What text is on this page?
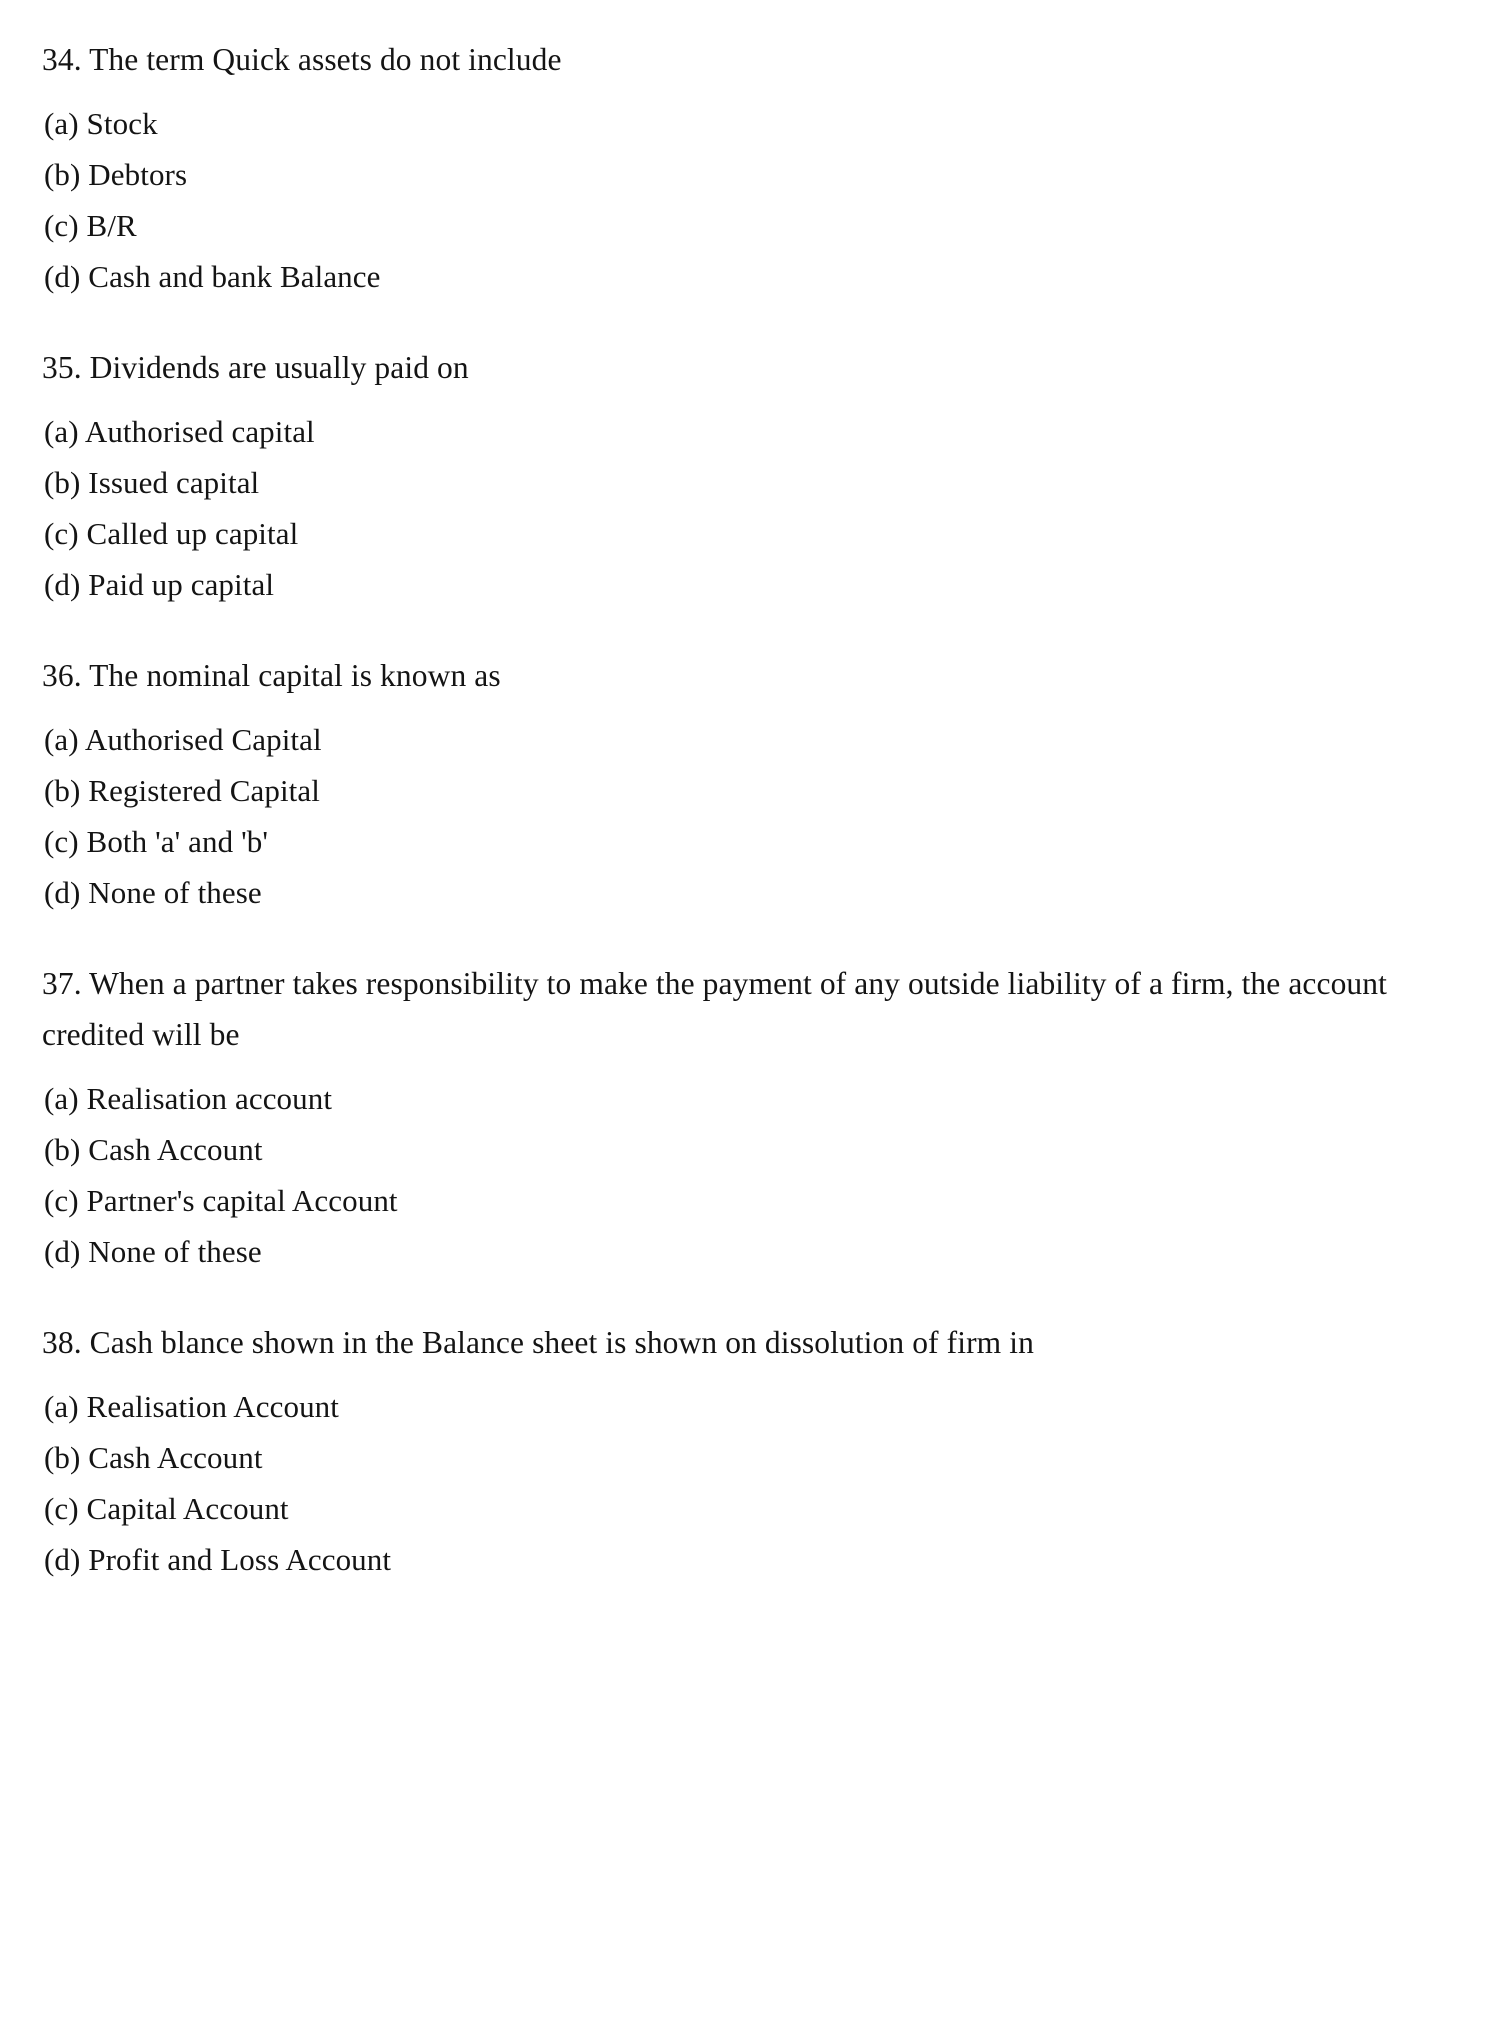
34. The term Quick assets do not include

(a) Stock

(b) Debtors

(c) B/R

(d) Cash and bank Balance

35. Dividends are usually paid on

(a) Authorised capital

(b) Issued capital

(c) Called up capital

(d) Paid up capital

36. The nominal capital is known as

(a) Authorised Capital

(b) Registered Capital

(c) Both 'a' and 'b'

(d) None of these

37. When a partner takes responsibility to make the payment of any outside liability of a firm, the account credited will be

(a) Realisation account

(b) Cash Account

(c) Partner's capital Account

(d) None of these

38. Cash blance shown in the Balance sheet is shown on dissolution of firm in

(a) Realisation Account

(b) Cash Account

(c) Capital Account

(d) Profit and Loss Account
